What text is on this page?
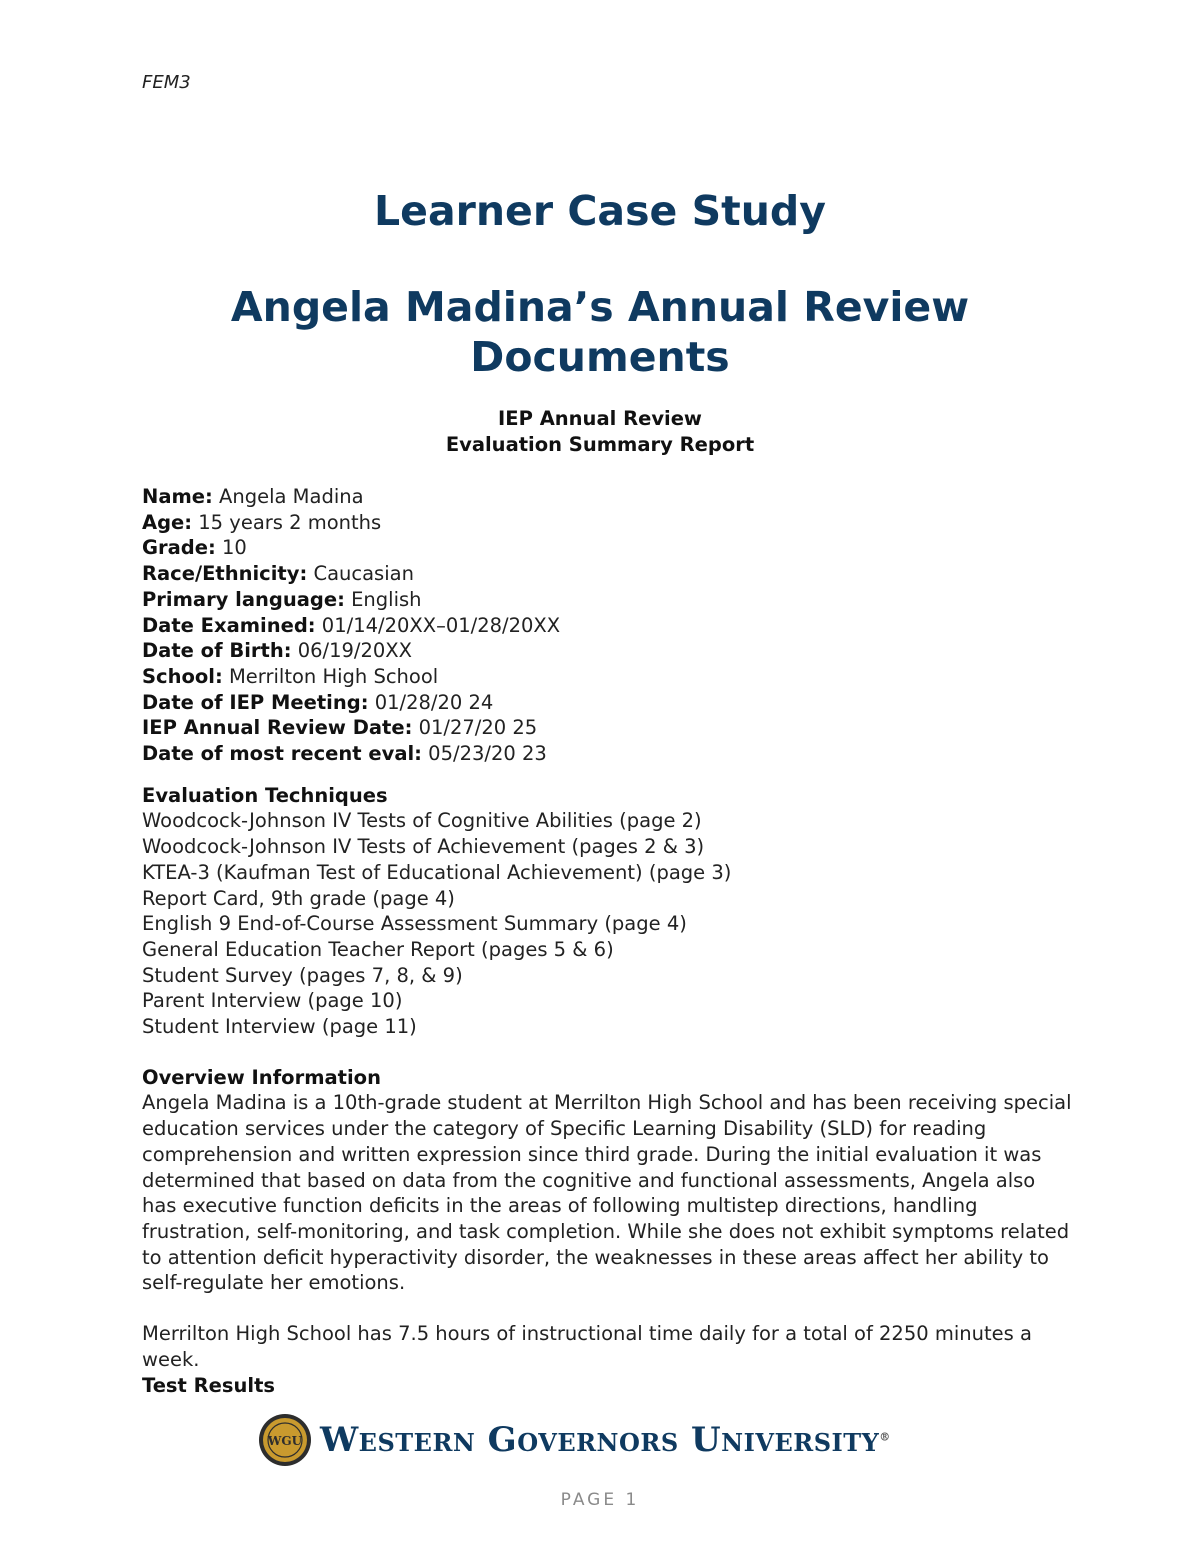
FEM3
Learner Case Study
Angela Madina’s Annual Review
Documents
IEP Annual Review
Evaluation Summary Report
Name: Angela Madina
Age: 15 years 2 months
Grade: 10
Race/Ethnicity: Caucasian
Primary language: English
Date Examined: 01/14/20XX–01/28/20XX
Date of Birth: 06/19/20XX
School: Merrilton High School
Date of IEP Meeting: 01/28/20 24
IEP Annual Review Date: 01/27/20 25
Date of most recent eval: 05/23/20 23
Evaluation Techniques
Woodcock-Johnson IV Tests of Cognitive Abilities (page 2)
Woodcock-Johnson IV Tests of Achievement (pages 2 & 3)
KTEA-3 (Kaufman Test of Educational Achievement) (page 3)
Report Card, 9th grade (page 4)
English 9 End-of-Course Assessment Summary (page 4)
General Education Teacher Report (pages 5 & 6)
Student Survey (pages 7, 8, & 9)
Parent Interview (page 10)
Student Interview (page 11)
Overview Information

Angela Madina is a 10th-grade student at Merrilton High School and has been receiving special education services under the category of Specific Learning Disability (SLD) for reading comprehension and written expression since third grade. During the initial evaluation it was determined that based on data from the cognitive and functional assessments, Angela also has executive function deficits in the areas of following multistep directions, handling frustration, self-monitoring, and task completion. While she does not exhibit symptoms related to attention deficit hyperactivity disorder, the weaknesses in these areas affect her ability to self-regulate her emotions.

Merrilton High School has 7.5 hours of instructional time daily for a total of 2250 minutes a week.

Test Results
WGU Western Governors University®
PAGE 1
